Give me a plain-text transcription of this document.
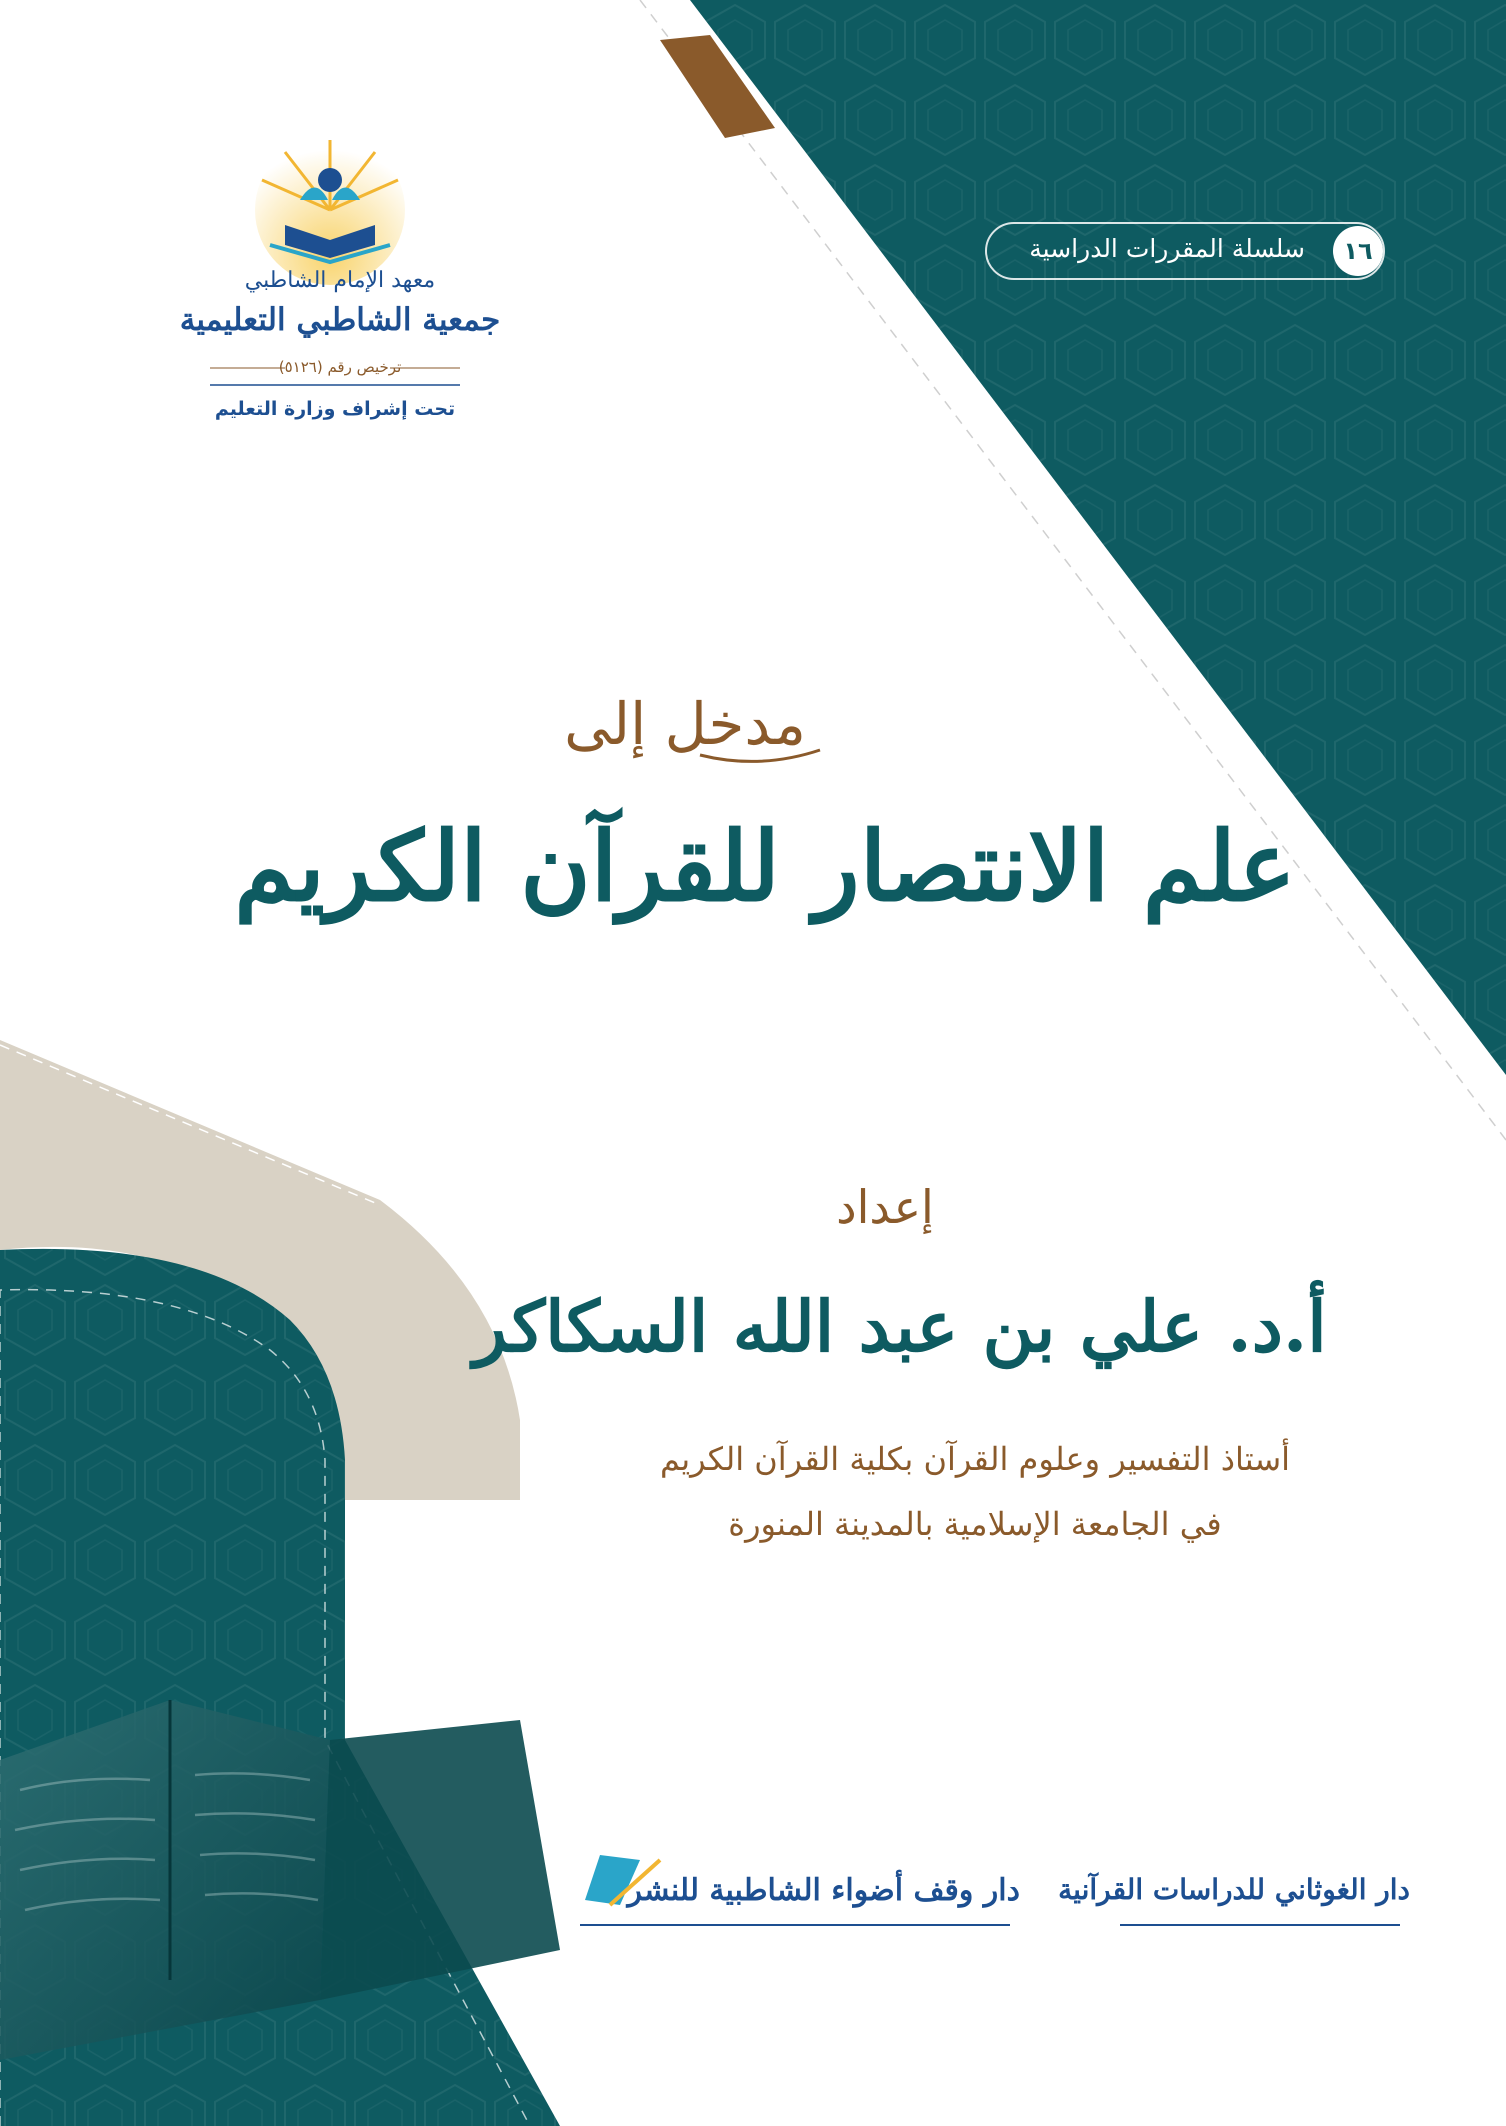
معهد الإمام الشاطبي
جمعية الشاطبي التعليمية
ترخيص رقم (٥١٢٦)
تحت إشراف وزارة التعليم
١٦
سلسلة المقررات الدراسية
مدخل إلى
علم الانتصار للقرآن الكريم
إعداد
أ.د. علي بن عبد الله السكاكر
أستاذ التفسير وعلوم القرآن بكلية القرآن الكريم
في الجامعة الإسلامية بالمدينة المنورة
دار وقف أضواء الشاطبية للنشر دار الغوثاني للدراسات القرآنية
